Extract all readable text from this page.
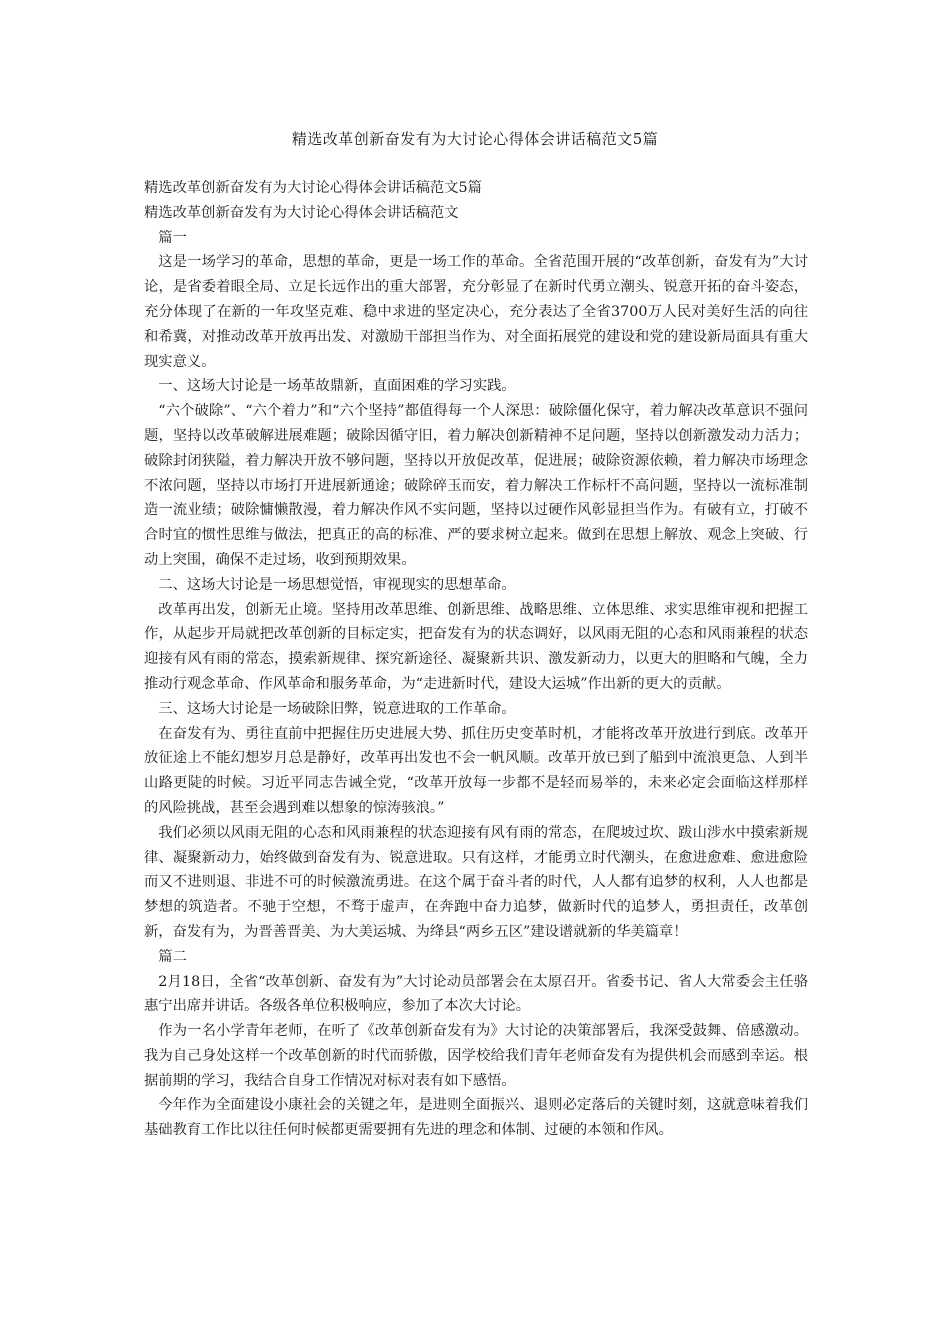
精选改革创新奋发有为大讨论心得体会讲话稿范文5篇

精选改革创新奋发有为大讨论心得体会讲话稿范文5篇

精选改革创新奋发有为大讨论心得体会讲话稿范文

篇一

这是一场学习的革命，思想的革命，更是一场工作的革命。全省范围开展的“改革创新，奋发有为”大讨论，是省委着眼全局、立足长远作出的重大部署，充分彰显了在新时代勇立潮头、锐意开拓的奋斗姿态，充分体现了在新的一年攻坚克难、稳中求进的坚定决心，充分表达了全省3700万人民对美好生活的向往和希冀，对推动改革开放再出发、对激励干部担当作为、对全面拓展党的建设和党的建设新局面具有重大现实意义。

一、这场大讨论是一场革故鼎新，直面困难的学习实践。

“六个破除”、“六个着力”和“六个坚持”都值得每一个人深思：破除僵化保守，着力解决改革意识不强问题，坚持以改革破解进展难题；破除因循守旧，着力解决创新精神不足问题，坚持以创新激发动力活力；破除封闭狭隘，着力解决开放不够问题，坚持以开放促改革，促进展；破除资源依赖，着力解决市场理念不浓问题，坚持以市场打开进展新通途；破除碎玉而安，着力解决工作标杆不高问题，坚持以一流标准制造一流业绩；破除慵懒散漫，着力解决作风不实问题，坚持以过硬作风彰显担当作为。有破有立，打破不合时宜的惯性思维与做法，把真正的高的标准、严的要求树立起来。做到在思想上解放、观念上突破、行动上突围，确保不走过场，收到预期效果。

二、这场大讨论是一场思想觉悟，审视现实的思想革命。

改革再出发，创新无止境。坚持用改革思维、创新思维、战略思维、立体思维、求实思维审视和把握工作，从起步开局就把改革创新的目标定实，把奋发有为的状态调好，以风雨无阻的心态和风雨兼程的状态迎接有风有雨的常态，摸索新规律、探究新途径、凝聚新共识、激发新动力，以更大的胆略和气魄，全力推动行观念革命、作风革命和服务革命，为“走进新时代，建设大运城”作出新的更大的贡献。

三、这场大讨论是一场破除旧弊，锐意进取的工作革命。

在奋发有为、勇往直前中把握住历史进展大势、抓住历史变革时机，才能将改革开放进行到底。改革开放征途上不能幻想岁月总是静好，改革再出发也不会一帆风顺。改革开放已到了船到中流浪更急、人到半山路更陡的时候。习近平同志告诫全党，“改革开放每一步都不是轻而易举的，未来必定会面临这样那样的风险挑战，甚至会遇到难以想象的惊涛骇浪。”

我们必须以风雨无阻的心态和风雨兼程的状态迎接有风有雨的常态，在爬坡过坎、跋山涉水中摸索新规律、凝聚新动力，始终做到奋发有为、锐意进取。只有这样，才能勇立时代潮头，在愈进愈难、愈进愈险而又不进则退、非进不可的时候激流勇进。在这个属于奋斗者的时代，人人都有追梦的权利，人人也都是梦想的筑造者。不驰于空想，不骛于虚声，在奔跑中奋力追梦，做新时代的追梦人，勇担责任，改革创新，奋发有为，为晋善晋美、为大美运城、为绛县“两乡五区”建设谱就新的华美篇章！

篇二

2月18日，全省“改革创新、奋发有为”大讨论动员部署会在太原召开。省委书记、省人大常委会主任骆惠宁出席并讲话。各级各单位积极响应，参加了本次大讨论。

作为一名小学青年老师，在听了《改革创新奋发有为》大讨论的决策部署后，我深受鼓舞、倍感激动。我为自己身处这样一个改革创新的时代而骄傲，因学校给我们青年老师奋发有为提供机会而感到幸运。根据前期的学习，我结合自身工作情况对标对表有如下感悟。

今年作为全面建设小康社会的关键之年，是进则全面振兴、退则必定落后的关键时刻，这就意味着我们基础教育工作比以往任何时候都更需要拥有先进的理念和体制、过硬的本领和作风。
